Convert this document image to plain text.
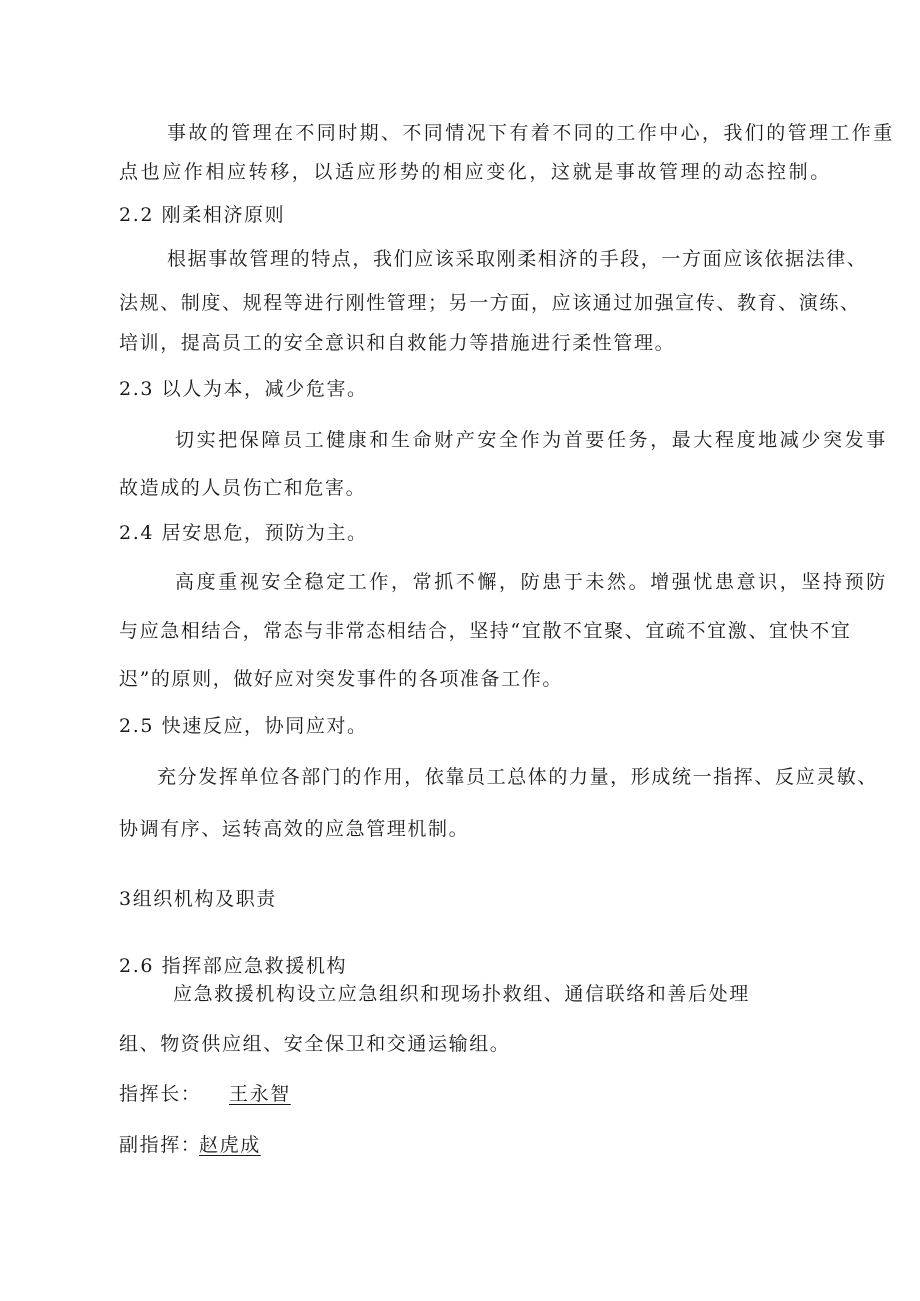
事故的管理在不同时期、不同情况下有着不同的工作中心，我们的管理工作重
点也应作相应转移，以适应形势的相应变化，这就是事故管理的动态控制。
2.2 刚柔相济原则
根据事故管理的特点，我们应该采取刚柔相济的手段，一方面应该依据法律、
法规、制度、规程等进行刚性管理；另一方面，应该通过加强宣传、教育、演练、
培训，提高员工的安全意识和自救能力等措施进行柔性管理。
2.3 以人为本，减少危害。
切实把保障员工健康和生命财产安全作为首要任务，最大程度地减少突发事
故造成的人员伤亡和危害。
2.4 居安思危，预防为主。
高度重视安全稳定工作，常抓不懈，防患于未然。增强忧患意识，坚持预防
与应急相结合，常态与非常态相结合，坚持“宜散不宜聚、宜疏不宜激、宜快不宜
迟”的原则，做好应对突发事件的各项准备工作。
2.5 快速反应，协同应对。
充分发挥单位各部门的作用，依靠员工总体的力量，形成统一指挥、反应灵敏、
协调有序、运转高效的应急管理机制。
3组织机构及职责
2.6 指挥部应急救援机构
应急救援机构设立应急组织和现场扑救组、通信联络和善后处理
组、物资供应组、安全保卫和交通运输组。
指挥长： 王永智
副指挥：
赵虎成
